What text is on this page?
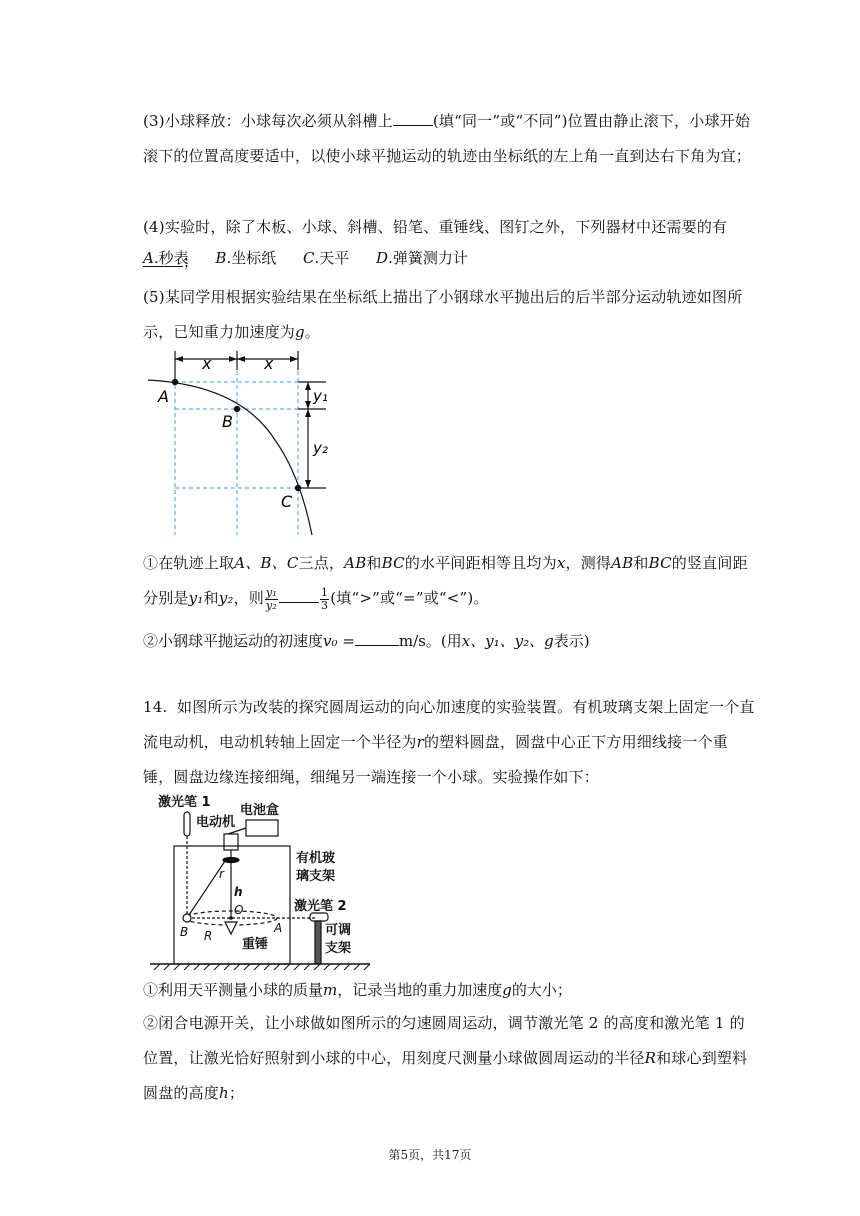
(3)小球释放：小球每次必须从斜槽上	(填“同一”或“不同”)位置由静止滚下，小球开始滚下的位置高度要适中，以使小球平抛运动的轨迹由坐标纸的左上角一直到达右下角为宜；
(4)实验时，除了木板、小球、斜槽、铅笔、重锤线、图钉之外，下列器材中还需要的有；
A.秒表 B.坐标纸 C.天平 D.弹簧测力计
(5)某同学用根据实验结果在坐标纸上描出了小钢球水平抛出后的后半部分运动轨迹如图所示，已知重力加速度为g。
x	x
y₁
y₂
A
B
C
①在轨迹上取A、B、C三点，AB和BC的水平间距相等且均为x，测得AB和BC的竖直间距分别是y₁和y₂，则 $\frac{\text{y₁}}{\text{y₂}}$	$\frac{1}{3}$ (填“>”或“=”或“<”)。
②小钢球平抛运动的初速度v₀ =	m/s。(用x、y₁、y₂、g表示)
14. 如图所示为改装的探究圆周运动的向心加速度的实验装置。有机玻璃支架上固定一个直流电动机，电动机转轴上固定一个半径为r的塑料圆盘，圆盘中心正下方用细线接一个重锤，圆盘边缘连接细绳，细绳另一端连接一个小球。实验操作如下：
激光笔 1
电池盒
电动机
有机玻
璃支架
激光笔 2
可调
支架
重锤
r
h
O
B R
A
①利用天平测量小球的质量m，记录当地的重力加速度g的大小；
②闭合电源开关，让小球做如图所示的匀速圆周运动，调节激光笔 2 的高度和激光笔 1 的位置，让激光恰好照射到小球的中心，用刻度尺测量小球做圆周运动的半径R和球心到塑料圆盘的高度h；
第5页，共17页
